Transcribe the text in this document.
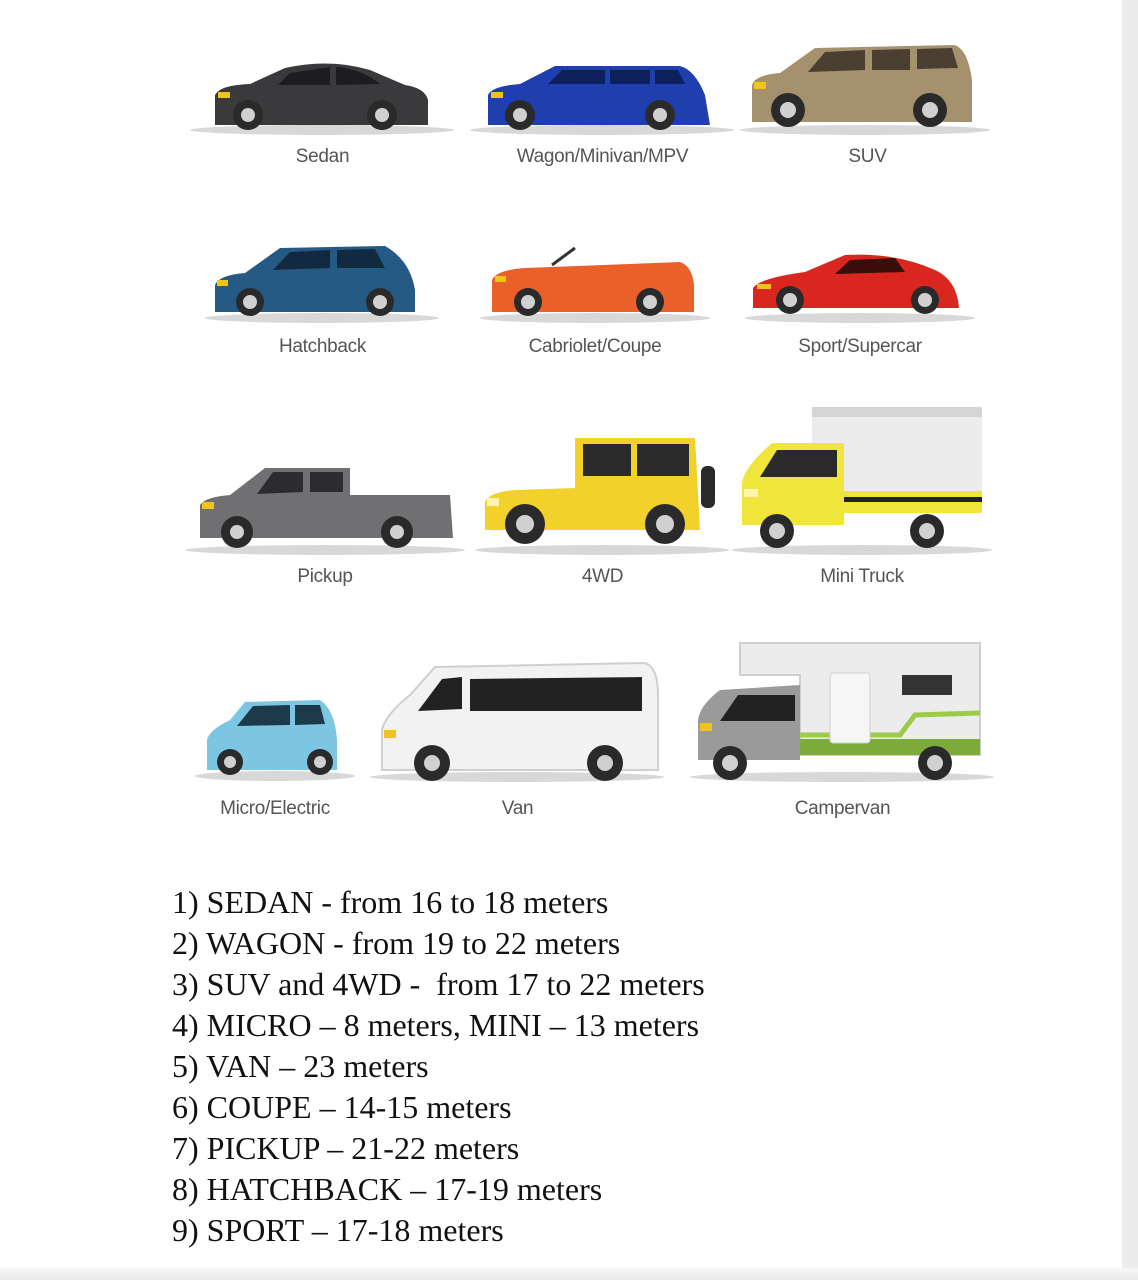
Sedan	Wagon/Minivan/MPV	SUV
Hatchback	Cabriolet/Coupe	Sport/Supercar
Pickup	4WD	Mini Truck
Micro/Electric	Van	Campervan
1) SEDAN - from 16 to 18 meters
2) WAGON - from 19 to 22 meters
3) SUV and 4WD -  from 17 to 22 meters
4) MICRO – 8 meters, MINI – 13 meters
5) VAN – 23 meters
6) COUPE – 14-15 meters
7) PICKUP – 21-22 meters
8) HATCHBACK – 17-19 meters
9) SPORT – 17-18 meters
